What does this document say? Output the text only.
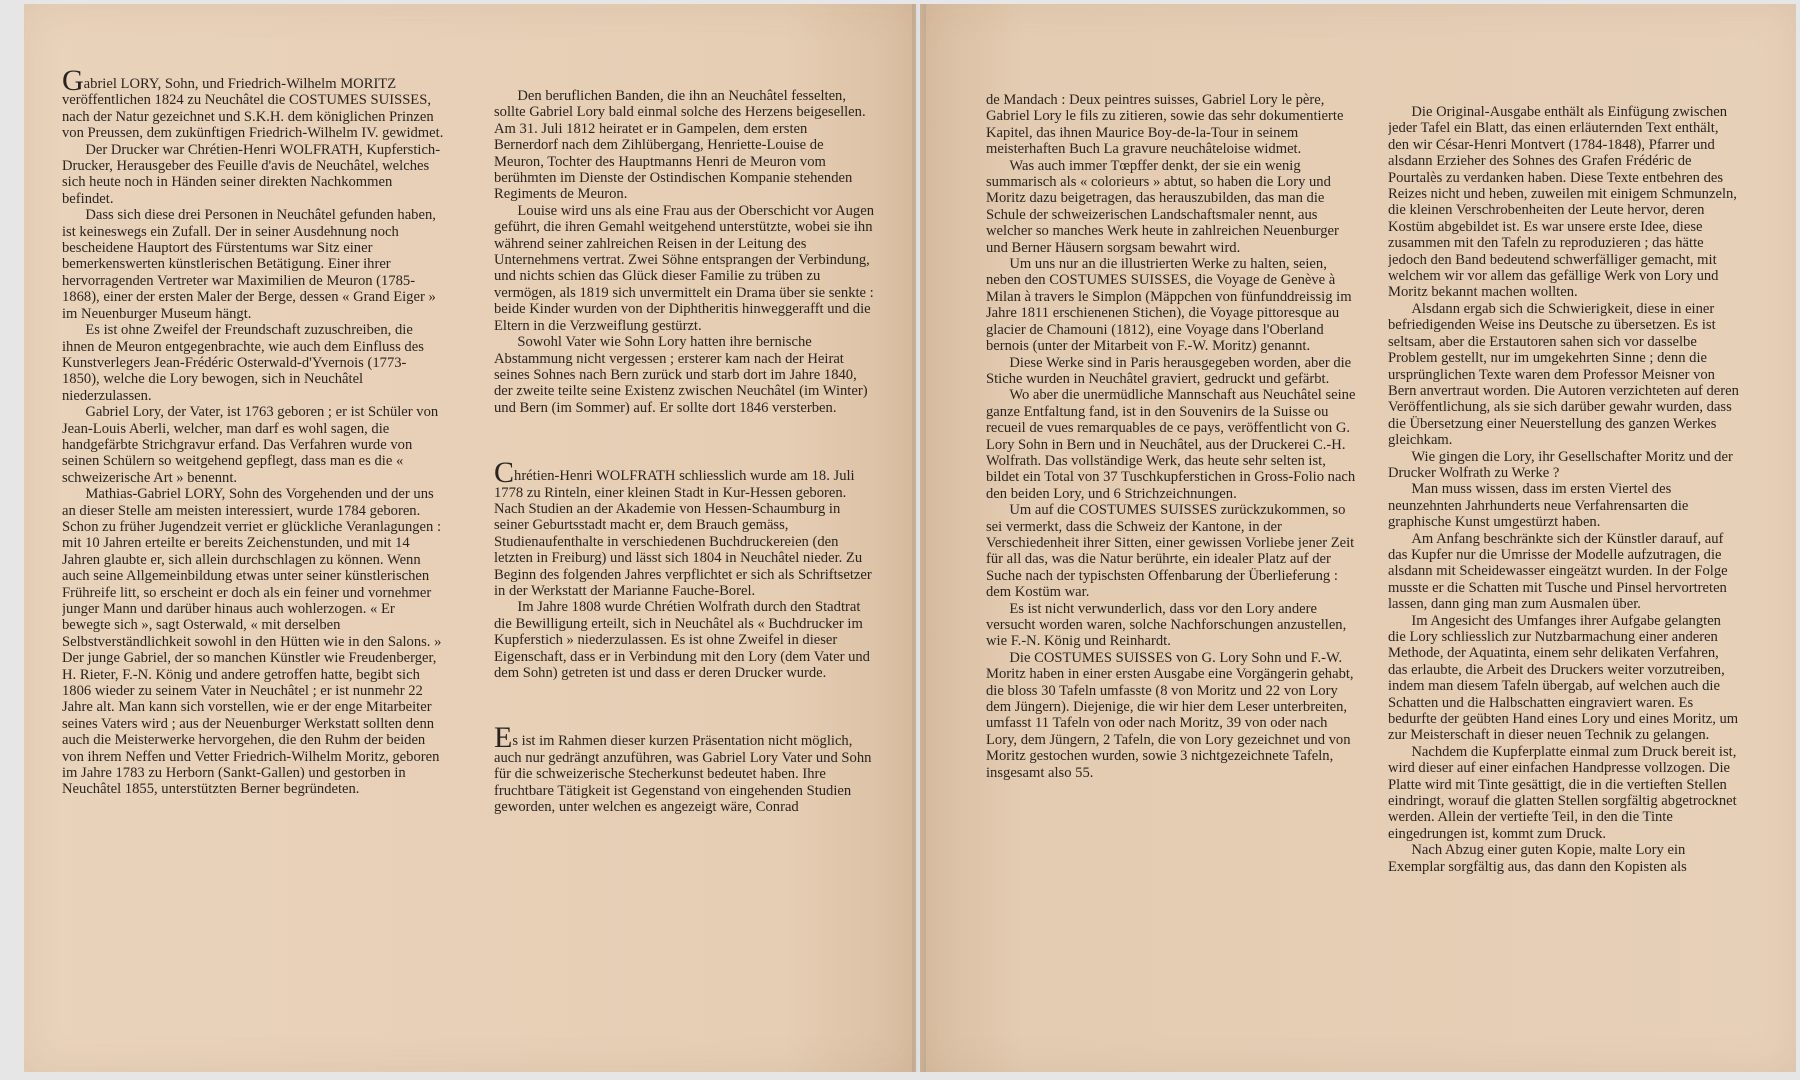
Gabriel LORY, Sohn, und Friedrich-Wilhelm MORITZ veröffentlichen 1824 zu Neuchâtel die COSTUMES SUISSES, nach der Natur gezeichnet und S.K.H. dem königlichen Prinzen von Preussen, dem zukünftigen Friedrich-Wilhelm IV. gewidmet.

Der Drucker war Chrétien-Henri WOLFRATH, Kupferstich-Drucker, Herausgeber des Feuille d'avis de Neuchâtel, welches sich heute noch in Händen seiner direkten Nachkommen befindet.

Dass sich diese drei Personen in Neuchâtel gefunden haben, ist keineswegs ein Zufall. Der in seiner Ausdehnung noch bescheidene Hauptort des Fürstentums war Sitz einer bemerkenswerten künstlerischen Betätigung. Einer ihrer hervorragenden Vertreter war Maximilien de Meuron (1785-1868), einer der ersten Maler der Berge, dessen « Grand Eiger » im Neuenburger Museum hängt.

Es ist ohne Zweifel der Freundschaft zuzuschreiben, die ihnen de Meuron entgegenbrachte, wie auch dem Einfluss des Kunstverlegers Jean-Frédéric Osterwald-d'Yvernois (1773-1850), welche die Lory bewogen, sich in Neuchâtel niederzulassen.

Gabriel Lory, der Vater, ist 1763 geboren ; er ist Schüler von Jean-Louis Aberli, welcher, man darf es wohl sagen, die handgefärbte Strichgravur erfand. Das Verfahren wurde von seinen Schülern so weitgehend gepflegt, dass man es die « schweizerische Art » benennt.

Mathias-Gabriel LORY, Sohn des Vorgehenden und der uns an dieser Stelle am meisten interessiert, wurde 1784 geboren. Schon zu früher Jugendzeit verriet er glückliche Veranlagungen : mit 10 Jahren erteilte er bereits Zeichenstunden, und mit 14 Jahren glaubte er, sich allein durchschlagen zu können. Wenn auch seine Allgemeinbildung etwas unter seiner künstlerischen Frühreife litt, so erscheint er doch als ein feiner und vornehmer junger Mann und darüber hinaus auch wohlerzogen. « Er bewegte sich », sagt Osterwald, « mit derselben Selbstverständlichkeit sowohl in den Hütten wie in den Salons. » Der junge Gabriel, der so manchen Künstler wie Freudenberger, H. Rieter, F.-N. König und andere getroffen hatte, begibt sich 1806 wieder zu seinem Vater in Neuchâtel ; er ist nunmehr 22 Jahre alt. Man kann sich vorstellen, wie er der enge Mitarbeiter seines Vaters wird ; aus der Neuenburger Werkstatt sollten denn auch die Meisterwerke hervorgehen, die den Ruhm der beiden von ihrem Neffen und Vetter Friedrich-Wilhelm Moritz, geboren im Jahre 1783 zu Herborn (Sankt-Gallen) und gestorben in Neuchâtel 1855, unterstützten Berner begründeten.

Den beruflichen Banden, die ihn an Neuchâtel fesselten, sollte Gabriel Lory bald einmal solche des Herzens beigesellen. Am 31. Juli 1812 heiratet er in Gampelen, dem ersten Bernerdorf nach dem Zihlübergang, Henriette-Louise de Meuron, Tochter des Hauptmanns Henri de Meuron vom berühmten im Dienste der Ostindischen Kompanie stehenden Regiments de Meuron.

Louise wird uns als eine Frau aus der Oberschicht vor Augen geführt, die ihren Gemahl weitgehend unterstützte, wobei sie ihn während seiner zahlreichen Reisen in der Leitung des Unternehmens vertrat. Zwei Söhne entsprangen der Verbindung, und nichts schien das Glück dieser Familie zu trüben zu vermögen, als 1819 sich unvermittelt ein Drama über sie senkte : beide Kinder wurden von der Diphtheritis hinweggerafft und die Eltern in die Verzweiflung gestürzt.

Sowohl Vater wie Sohn Lory hatten ihre bernische Abstammung nicht vergessen ; ersterer kam nach der Heirat seines Sohnes nach Bern zurück und starb dort im Jahre 1840, der zweite teilte seine Existenz zwischen Neuchâtel (im Winter) und Bern (im Sommer) auf. Er sollte dort 1846 versterben.

Chrétien-Henri WOLFRATH schliesslich wurde am 18. Juli 1778 zu Rinteln, einer kleinen Stadt in Kur-Hessen geboren. Nach Studien an der Akademie von Hessen-Schaumburg in seiner Geburtsstadt macht er, dem Brauch gemäss, Studienaufenthalte in verschiedenen Buchdruckereien (den letzten in Freiburg) und lässt sich 1804 in Neuchâtel nieder. Zu Beginn des folgenden Jahres verpflichtet er sich als Schriftsetzer in der Werkstatt der Marianne Fauche-Borel.

Im Jahre 1808 wurde Chrétien Wolfrath durch den Stadtrat die Bewilligung erteilt, sich in Neuchâtel als « Buchdrucker im Kupferstich » niederzulassen. Es ist ohne Zweifel in dieser Eigenschaft, dass er in Verbindung mit den Lory (dem Vater und dem Sohn) getreten ist und dass er deren Drucker wurde.

Es ist im Rahmen dieser kurzen Präsentation nicht möglich, auch nur gedrängt anzuführen, was Gabriel Lory Vater und Sohn für die schweizerische Stecherkunst bedeutet haben. Ihre fruchtbare Tätigkeit ist Gegenstand von eingehenden Studien geworden, unter welchen es angezeigt wäre, Conrad

de Mandach : Deux peintres suisses, Gabriel Lory le père, Gabriel Lory le fils zu zitieren, sowie das sehr dokumentierte Kapitel, das ihnen Maurice Boy-de-la-Tour in seinem meisterhaften Buch La gravure neuchâteloise widmet.

Was auch immer Tœpffer denkt, der sie ein wenig summarisch als « colorieurs » abtut, so haben die Lory und Moritz dazu beigetragen, das herauszubilden, das man die Schule der schweizerischen Landschaftsmaler nennt, aus welcher so manches Werk heute in zahlreichen Neuenburger und Berner Häusern sorgsam bewahrt wird.

Um uns nur an die illustrierten Werke zu halten, seien, neben den COSTUMES SUISSES, die Voyage de Genève à Milan à travers le Simplon (Mäppchen von fünfunddreissig im Jahre 1811 erschienenen Stichen), die Voyage pittoresque au glacier de Chamouni (1812), eine Voyage dans l'Oberland bernois (unter der Mitarbeit von F.-W. Moritz) genannt.

Diese Werke sind in Paris herausgegeben worden, aber die Stiche wurden in Neuchâtel graviert, gedruckt und gefärbt.

Wo aber die unermüdliche Mannschaft aus Neuchâtel seine ganze Entfaltung fand, ist in den Souvenirs de la Suisse ou recueil de vues remarquables de ce pays, veröffentlicht von G. Lory Sohn in Bern und in Neuchâtel, aus der Druckerei C.-H. Wolfrath. Das vollständige Werk, das heute sehr selten ist, bildet ein Total von 37 Tuschkupferstichen in Gross-Folio nach den beiden Lory, und 6 Strichzeichnungen.

Um auf die COSTUMES SUISSES zurückzukommen, so sei vermerkt, dass die Schweiz der Kantone, in der Verschiedenheit ihrer Sitten, einer gewissen Vorliebe jener Zeit für all das, was die Natur berührte, ein idealer Platz auf der Suche nach der typischsten Offenbarung der Überlieferung : dem Kostüm war.

Es ist nicht verwunderlich, dass vor den Lory andere versucht worden waren, solche Nachforschungen anzustellen, wie F.-N. König und Reinhardt.

Die COSTUMES SUISSES von G. Lory Sohn und F.-W. Moritz haben in einer ersten Ausgabe eine Vorgängerin gehabt, die bloss 30 Tafeln umfasste (8 von Moritz und 22 von Lory dem Jüngern). Diejenige, die wir hier dem Leser unterbreiten, umfasst 11 Tafeln von oder nach Moritz, 39 von oder nach Lory, dem Jüngern, 2 Tafeln, die von Lory gezeichnet und von Moritz gestochen wurden, sowie 3 nichtgezeichnete Tafeln, insgesamt also 55.

Die Original-Ausgabe enthält als Einfügung zwischen jeder Tafel ein Blatt, das einen erläuternden Text enthält, den wir César-Henri Montvert (1784-1848), Pfarrer und alsdann Erzieher des Sohnes des Grafen Frédéric de Pourtalès zu verdanken haben. Diese Texte entbehren des Reizes nicht und heben, zuweilen mit einigem Schmunzeln, die kleinen Verschrobenheiten der Leute hervor, deren Kostüm abgebildet ist. Es war unsere erste Idee, diese zusammen mit den Tafeln zu reproduzieren ; das hätte jedoch den Band bedeutend schwerfälliger gemacht, mit welchem wir vor allem das gefällige Werk von Lory und Moritz bekannt machen wollten.

Alsdann ergab sich die Schwierigkeit, diese in einer befriedigenden Weise ins Deutsche zu übersetzen. Es ist seltsam, aber die Erstautoren sahen sich vor dasselbe Problem gestellt, nur im umgekehrten Sinne ; denn die ursprünglichen Texte waren dem Professor Meisner von Bern anvertraut worden. Die Autoren verzichteten auf deren Veröffentlichung, als sie sich darüber gewahr wurden, dass die Übersetzung einer Neuerstellung des ganzen Werkes gleichkam.

Wie gingen die Lory, ihr Gesellschafter Moritz und der Drucker Wolfrath zu Werke ?

Man muss wissen, dass im ersten Viertel des neunzehnten Jahrhunderts neue Verfahrensarten die graphische Kunst umgestürzt haben.

Am Anfang beschränkte sich der Künstler darauf, auf das Kupfer nur die Umrisse der Modelle aufzutragen, die alsdann mit Scheidewasser eingeätzt wurden. In der Folge musste er die Schatten mit Tusche und Pinsel hervortreten lassen, dann ging man zum Ausmalen über.

Im Angesicht des Umfanges ihrer Aufgabe gelangten die Lory schliesslich zur Nutzbarmachung einer anderen Methode, der Aquatinta, einem sehr delikaten Verfahren, das erlaubte, die Arbeit des Druckers weiter vorzutreiben, indem man diesem Tafeln übergab, auf welchen auch die Schatten und die Halbschatten eingraviert waren. Es bedurfte der geübten Hand eines Lory und eines Moritz, um zur Meisterschaft in dieser neuen Technik zu gelangen.

Nachdem die Kupferplatte einmal zum Druck bereit ist, wird dieser auf einer einfachen Handpresse vollzogen. Die Platte wird mit Tinte gesättigt, die in die vertieften Stellen eindringt, worauf die glatten Stellen sorgfältig abgetrocknet werden. Allein der vertiefte Teil, in den die Tinte eingedrungen ist, kommt zum Druck.

Nach Abzug einer guten Kopie, malte Lory ein Exemplar sorgfältig aus, das dann den Kopisten als
